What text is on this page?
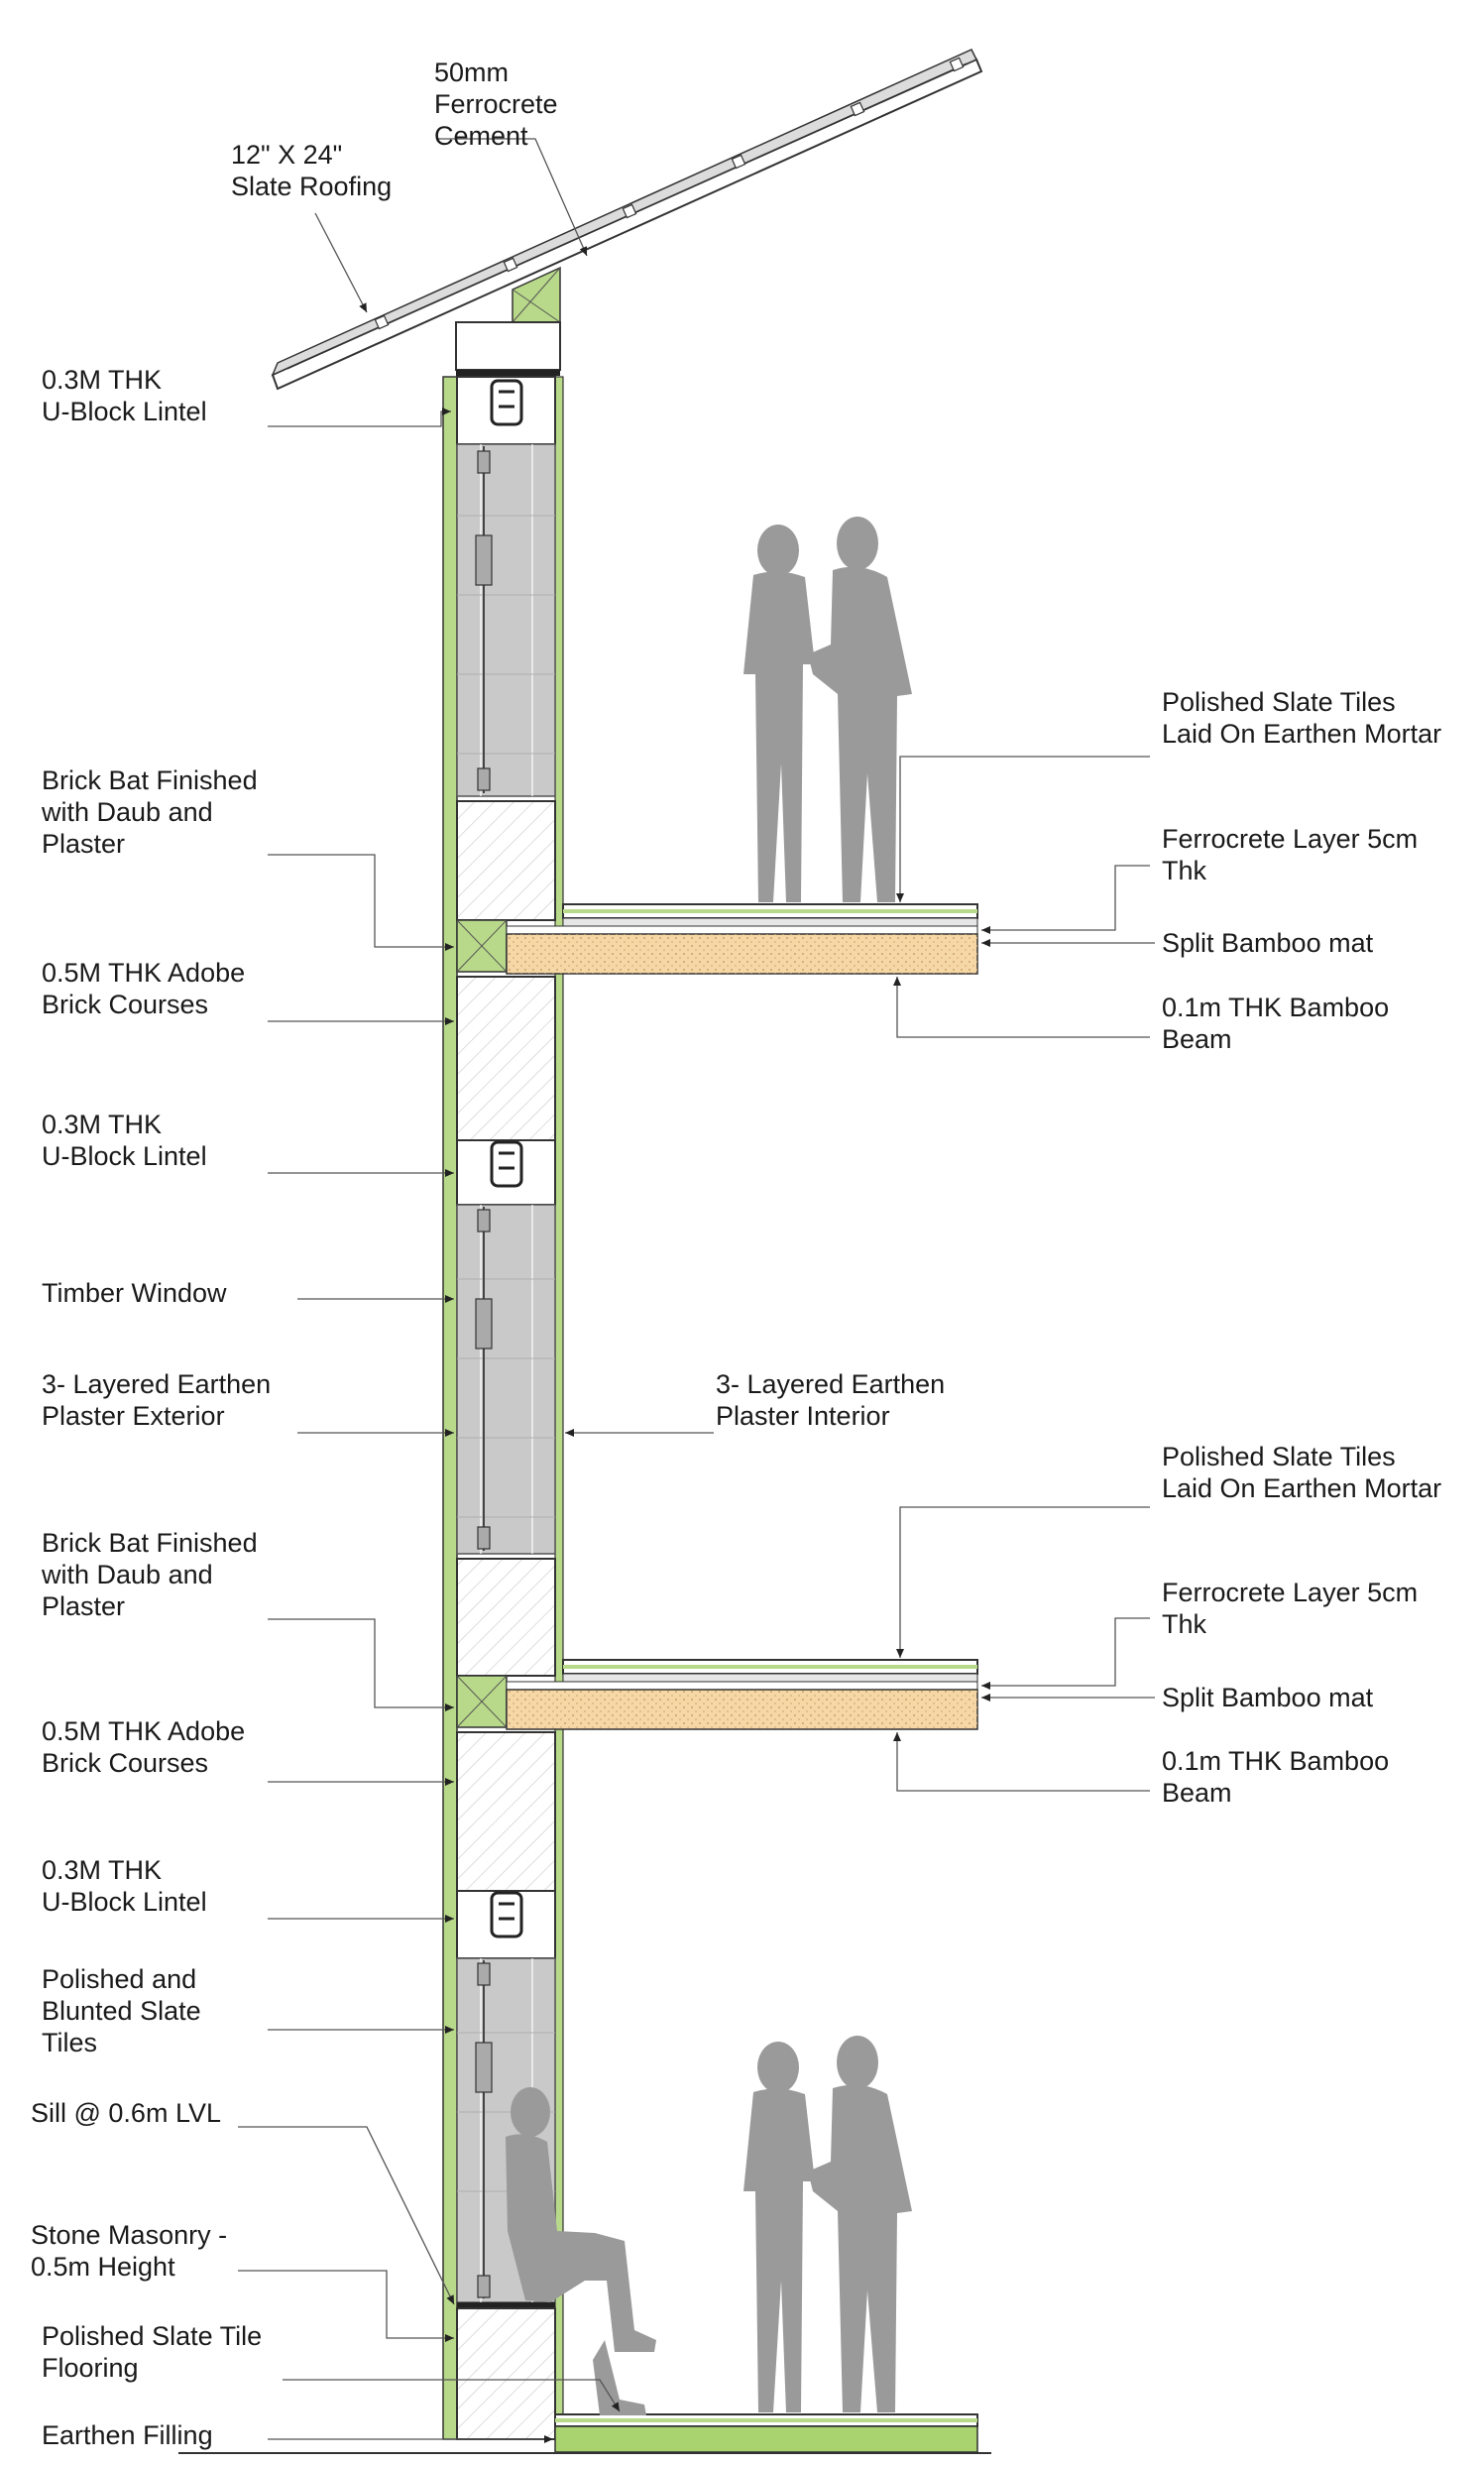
50mm Ferrocrete Cement
12" X 24" Slate Roofing
0.3M THK U-Block Lintel
Brick Bat Finished with Daub and Plaster
0.5M THK Adobe Brick Courses
0.3M THK U-Block Lintel
Timber Window
3- Layered Earthen Plaster Exterior
3- Layered Earthen Plaster Interior
Brick Bat Finished with Daub and Plaster
0.5M THK Adobe Brick Courses
0.3M THK U-Block Lintel
Polished and Blunted Slate Tiles
Sill @ 0.6m LVL
Stone Masonry -0.5m Height
Polished Slate Tile Flooring
Earthen Filling
Polished Slate Tiles Laid On Earthen Mortar
Ferrocrete Layer 5cm Thk
Split Bamboo mat
0.1m THK Bamboo Beam
Polished Slate Tiles Laid On Earthen Mortar
Ferrocrete Layer 5cm Thk
Split Bamboo mat
0.1m THK Bamboo Beam
